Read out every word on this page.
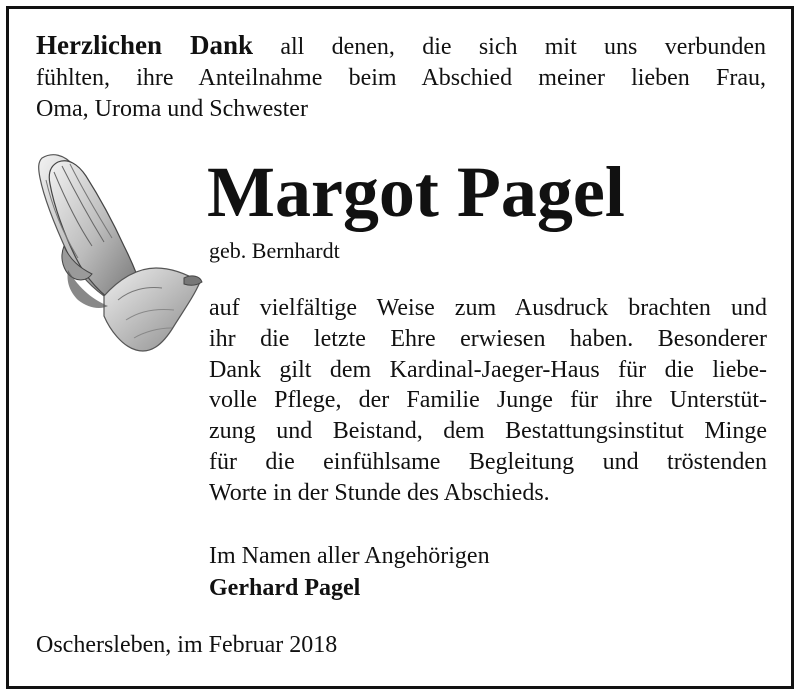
Herzlichen Dank all denen, die sich mit uns verbunden
fühlten, ihre Anteilnahme beim Abschied meiner lieben Frau,
Oma, Uroma und Schwester
Margot Pagel
geb. Bernhardt
auf vielfältige Weise zum Ausdruck brachten und
ihr die letzte Ehre erwiesen haben. Besonderer
Dank gilt dem Kardinal-Jaeger-Haus für die liebe-
volle Pflege, der Familie Junge für ihre Unterstüt-
zung und Beistand, dem Bestattungsinstitut Minge
für die einfühlsame Begleitung und tröstenden
Worte in der Stunde des Abschieds.
Im Namen aller Angehörigen
Gerhard Pagel
Oschersleben, im Februar 2018
